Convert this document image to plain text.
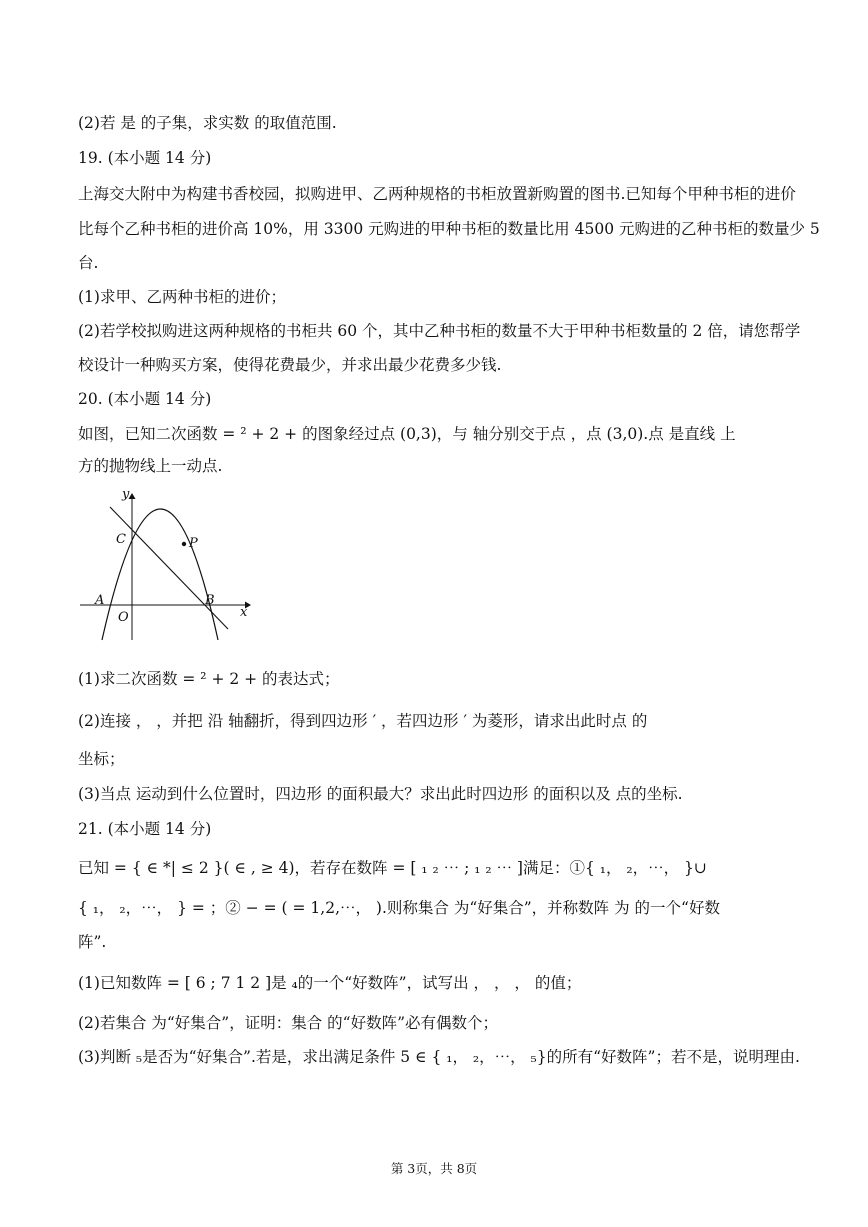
(2)若 是 的子集，求实数 的取值范围.
19. (本小题 14 分)
上海交大附中为构建书香校园，拟购进甲、乙两种规格的书柜放置新购置的图书.已知每个甲种书柜的进价
比每个乙种书柜的进价高 10%，用 3300 元购进的甲种书柜的数量比用 4500 元购进的乙种书柜的数量少 5
台.
(1)求甲、乙两种书柜的进价；
(2)若学校拟购进这两种规格的书柜共 60 个，其中乙种书柜的数量不大于甲种书柜数量的 2 倍，请您帮学
校设计一种购买方案，使得花费最少，并求出最少花费多少钱.
20. (本小题 14 分)
如图，已知二次函数 = ² + 2 + 的图象经过点 (0,3)，与 轴分别交于点 ，点 (3,0).点 是直线 上
方的抛物线上一动点.
y
x
O
A	B
C	P
(1)求二次函数 = ² + 2 + 的表达式；
(2)连接 ， ，并把 沿 轴翻折，得到四边形 ′ ，若四边形 ′ 为菱形，请求出此时点 的
坐标；
(3)当点 运动到什么位置时，四边形 的面积最大？求出此时四边形 的面积以及 点的坐标.
21. (本小题 14 分)
已知 = { ∈ *| ≤ 2 }( ∈ , ≥ 4)，若存在数阵 = [ ₁ ₂ ⋯ ; ₁ ₂ ⋯ ]满足：①{ ₁， ₂，⋯， }∪
{ ₁， ₂，⋯， } = ；② − = ( = 1,2,⋯， ).则称集合 为“好集合”，并称数阵 为 的一个“好数
阵”.
(1)已知数阵 = [ 6 ; 7 1 2 ]是 ₄的一个“好数阵”，试写出 ， ， ， 的值；
(2)若集合 为“好集合”，证明：集合 的“好数阵”必有偶数个；
(3)判断 ₅是否为“好集合”.若是，求出满足条件 5 ∈ { ₁， ₂，⋯， ₅}的所有“好数阵”；若不是，说明理由.
第 3页，共 8页
